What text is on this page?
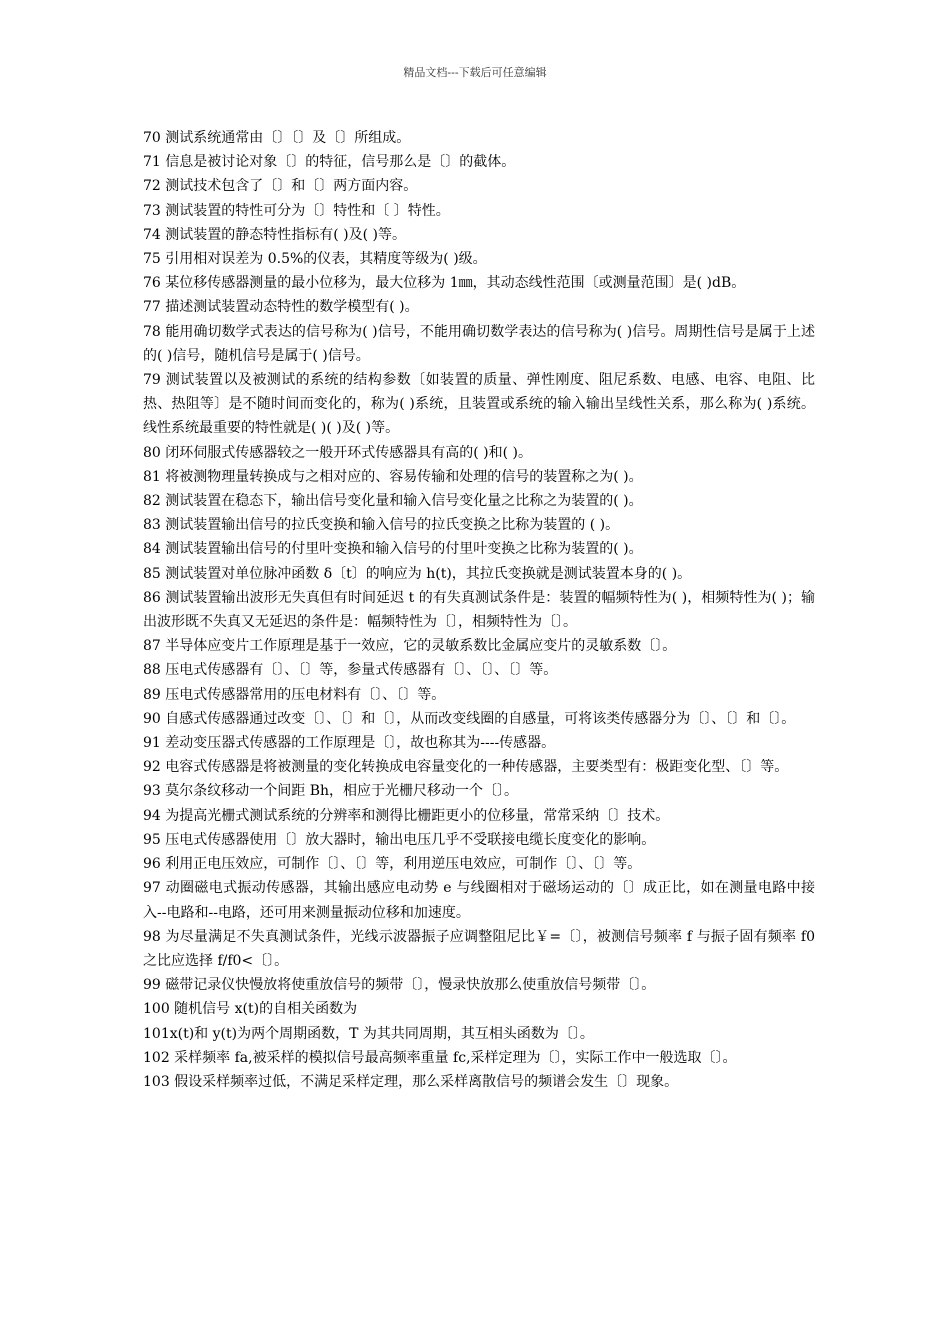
精品文档---下载后可任意编辑

70 测试系统通常由〔〕〔〕及〔〕所组成。

71 信息是被讨论对象〔〕的特征，信号那么是〔〕的截体。

72 测试技术包含了〔〕和〔〕两方面内容。

73 测试装置的特性可分为〔〕特性和〔 〕特性。

74 测试装置的静态特性指标有( )及( )等。

75 引用相对误差为 0.5%的仪表，其精度等级为( )级。

76 某位移传感器测量的最小位移为，最大位移为 1㎜，其动态线性范围〔或测量范围〕是( )dB。

77 描述测试装置动态特性的数学模型有( )。

78 能用确切数学式表达的信号称为( )信号，不能用确切数学表达的信号称为( )信号。周期性信号是属于上述的( )信号，随机信号是属于( )信号。

79 测试装置以及被测试的系统的结构参数〔如装置的质量、弹性刚度、阻尼系数、电感、电容、电阻、比热、热阻等〕是不随时间而变化的，称为( )系统，且装置或系统的输入输出呈线性关系，那么称为( )系统。线性系统最重要的特性就是( )( )及( )等。

80 闭环伺服式传感器较之一般开环式传感器具有高的( )和( )。

81 将被测物理量转换成与之相对应的、容易传输和处理的信号的装置称之为( )。

82 测试装置在稳态下，输出信号变化量和输入信号变化量之比称之为装置的( )。

83 测试装置输出信号的拉氏变换和输入信号的拉氏变换之比称为装置的 ( )。

84 测试装置输出信号的付里叶变换和输入信号的付里叶变换之比称为装置的( )。

85 测试装置对单位脉冲函数 δ〔t〕的响应为 h(t)，其拉氏变换就是测试装置本身的( )。

86 测试装置输出波形无失真但有时间延迟 t 的有失真测试条件是：装置的幅频特性为( )，相频特性为( )；输出波形既不失真又无延迟的条件是：幅频特性为〔〕，相频特性为〔〕。

87 半导体应变片工作原理是基于一效应，它的灵敏系数比金属应变片的灵敏系数〔〕。

88 压电式传感器有〔〕、〔〕等，参量式传感器有〔〕、〔〕、〔〕等。

89 压电式传感器常用的压电材料有〔〕、〔〕等。

90 自感式传感器通过改变〔〕、〔〕和〔〕，从而改变线圈的自感量，可将该类传感器分为〔〕、〔〕和〔〕。

91 差动变压器式传感器的工作原理是〔〕，故也称其为----传感器。

92 电容式传感器是将被测量的变化转换成电容量变化的一种传感器，主要类型有：极距变化型、〔〕等。

93 莫尔条纹移动一个间距 Bh，相应于光栅尺移动一个〔〕。

94 为提高光栅式测试系统的分辨率和测得比栅距更小的位移量，常常采纳〔〕技术。

95 压电式传感器使用〔〕放大器时，输出电压几乎不受联接电缆长度变化的影响。

96 利用正电压效应，可制作〔〕、〔〕等，利用逆压电效应，可制作〔〕、〔〕等。

97 动圈磁电式振动传感器，其输出感应电动势 e 与线圈相对于磁场运动的〔〕成正比，如在测量电路中接入--电路和--电路，还可用来测量振动位移和加速度。

98 为尽量满足不失真测试条件，光线示波器振子应调整阻尼比￥=〔〕，被测信号频率 f 与振子固有频率 f0 之比应选择 f/f0<〔〕。

99 磁带记录仪快慢放将使重放信号的频带〔〕，慢录快放那么使重放信号频带〔〕。

100 随机信号 x(t)的自相关函数为

101x(t)和 y(t)为两个周期函数，T 为其共同周期，其互相头函数为〔〕。

102 采样频率 fa,被采样的模拟信号最高频率重量 fc,采样定理为〔〕，实际工作中一般选取〔〕。

103 假设采样频率过低，不满足采样定理，那么采样离散信号的频谱会发生〔〕现象。
